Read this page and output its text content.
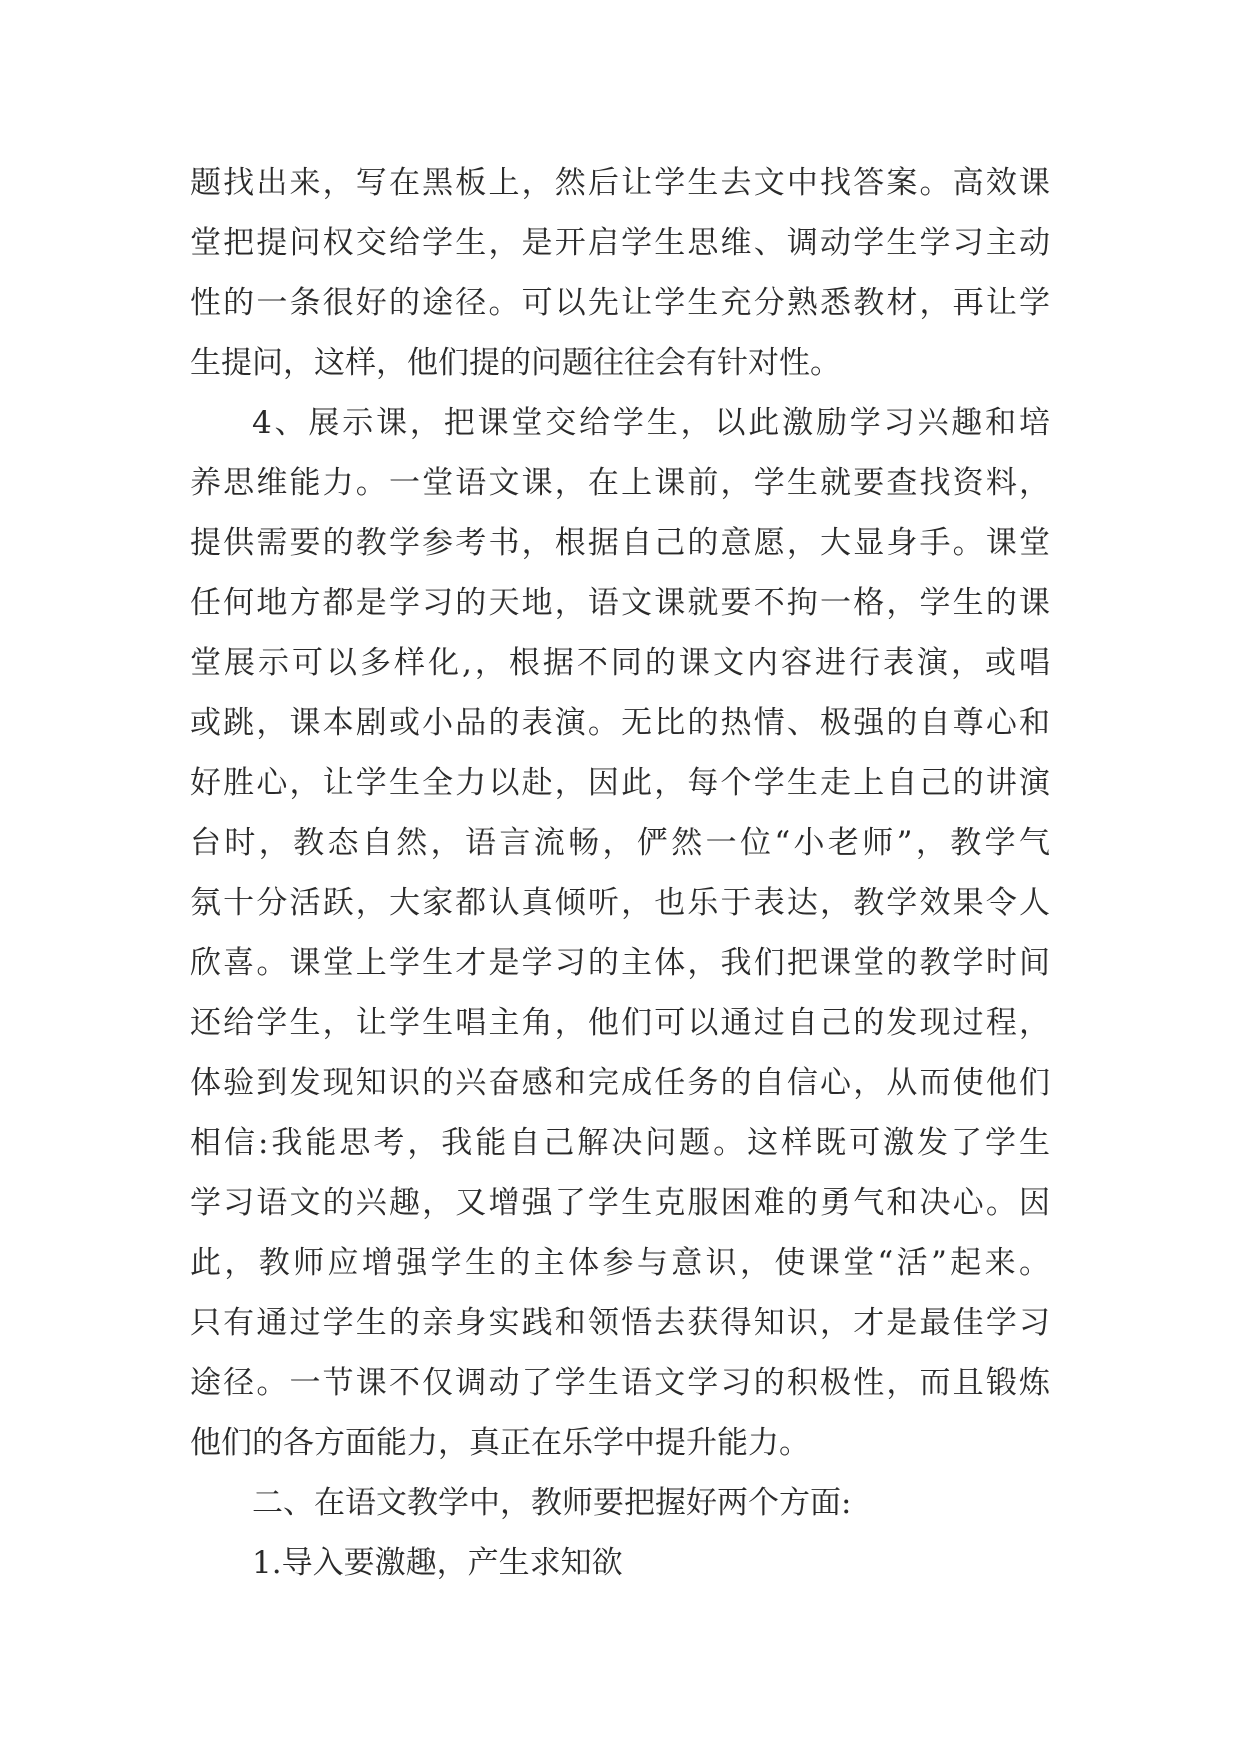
题找出来，写在黑板上，然后让学生去文中找答案。高效课
堂把提问权交给学生，是开启学生思维、调动学生学习主动
性的一条很好的途径。可以先让学生充分熟悉教材，再让学
生提问，这样，他们提的问题往往会有针对性。
4、展示课，把课堂交给学生，以此激励学习兴趣和培
养思维能力。一堂语文课，在上课前，学生就要查找资料，
提供需要的教学参考书，根据自己的意愿，大显身手。课堂
任何地方都是学习的天地，语文课就要不拘一格，学生的课
堂展示可以多样化,，根据不同的课文内容进行表演，或唱
或跳，课本剧或小品的表演。无比的热情、极强的自尊心和
好胜心，让学生全力以赴，因此，每个学生走上自己的讲演
台时，教态自然，语言流畅，俨然一位“小老师”，教学气
氛十分活跃，大家都认真倾听，也乐于表达，教学效果令人
欣喜。课堂上学生才是学习的主体，我们把课堂的教学时间
还给学生，让学生唱主角，他们可以通过自己的发现过程，
体验到发现知识的兴奋感和完成任务的自信心，从而使他们
相信:我能思考，我能自己解决问题。这样既可激发了学生
学习语文的兴趣，又增强了学生克服困难的勇气和决心。因
此，教师应增强学生的主体参与意识，使课堂“活”起来。
只有通过学生的亲身实践和领悟去获得知识，才是最佳学习
途径。一节课不仅调动了学生语文学习的积极性，而且锻炼
他们的各方面能力，真正在乐学中提升能力。
二、在语文教学中，教师要把握好两个方面:
1.导入要激趣，产生求知欲
